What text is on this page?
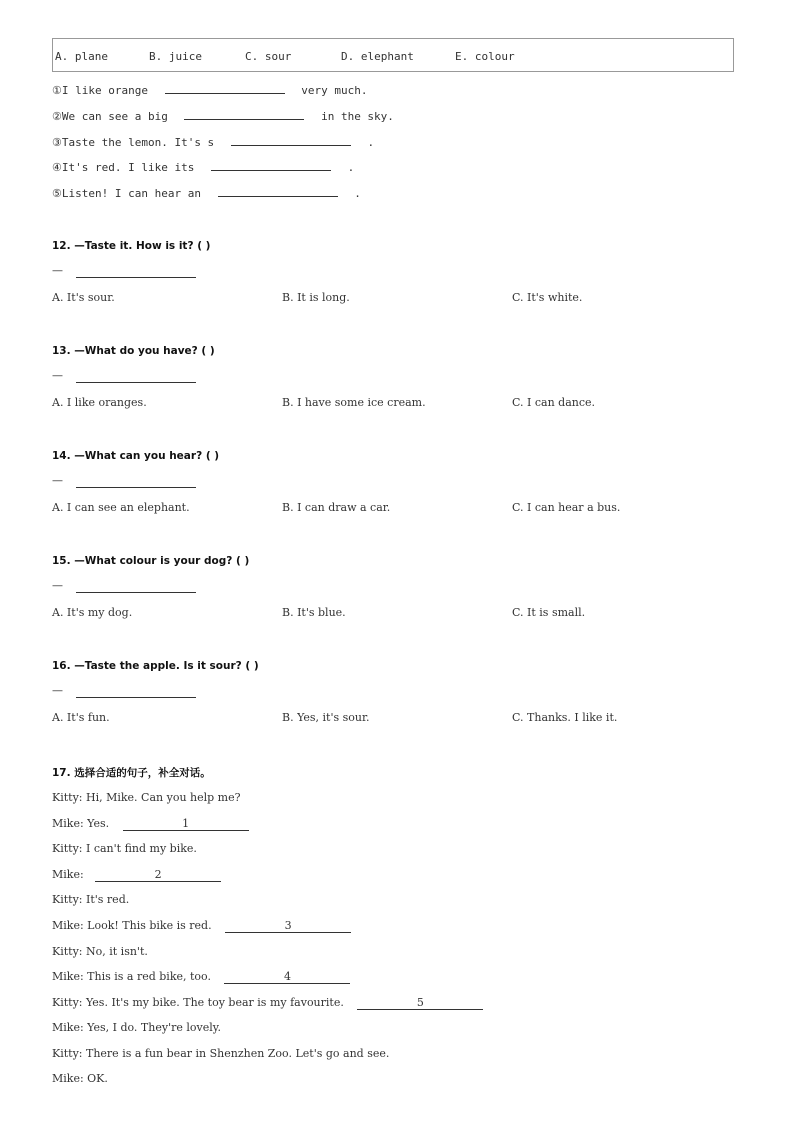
A. plane	B. juice	C. sour	D. elephant	E. colour
①I like orange	very much.
②We can see a big	in the sky.
③Taste the lemon. It's s	.
④It's red. I like its	.
⑤Listen! I can hear an	.
12. —Taste it. How is it? ( )
—
A. It's sour.	B. It is long.	C. It's white.
13. —What do you have? ( )
—
A. I like oranges.	B. I have some ice cream.	C. I can dance.
14. —What can you hear? ( )
—
A. I can see an elephant.	B. I can draw a car.	C. I can hear a bus.
15. —What colour is your dog? ( )
—
A. It's my dog.	B. It's blue.	C. It is small.
16. —Taste the apple. Is it sour? ( )
—
A. It's fun.	B. Yes, it's sour.	C. Thanks. I like it.
17. 选择合适的句子，补全对话。
Kitty: Hi, Mike. Can you help me?
Mike: Yes.	1
Kitty: I can't find my bike.
Mike:	2
Kitty: It's red.
Mike: Look! This bike is red.	3
Kitty: No, it isn't.
Mike: This is a red bike, too.	4
Kitty: Yes. It's my bike. The toy bear is my favourite.	5
Mike: Yes, I do. They're lovely.
Kitty: There is a fun bear in Shenzhen Zoo. Let's go and see.
Mike: OK.
